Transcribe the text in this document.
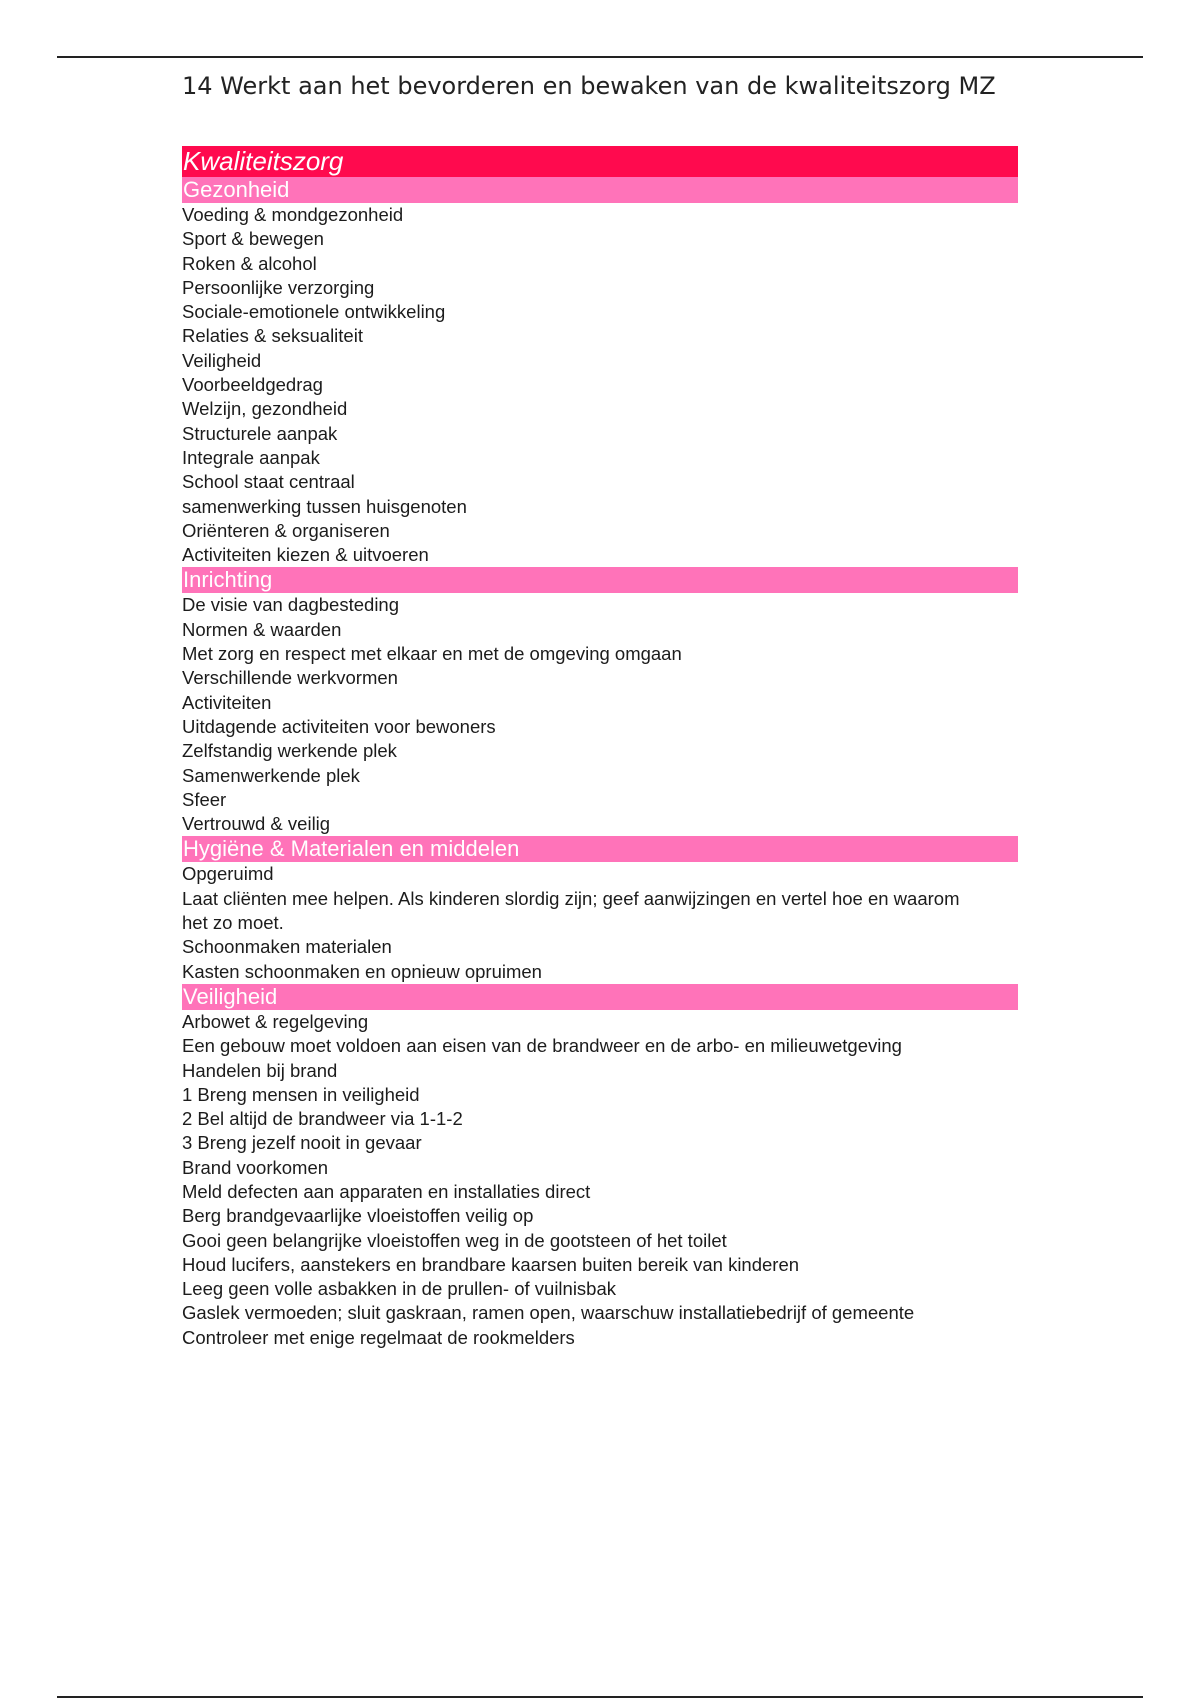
14 Werkt aan het bevorderen en bewaken van de kwaliteitszorg MZ
Kwaliteitszorg
Gezonheid
Voeding & mondgezonheid
Sport & bewegen
Roken & alcohol
Persoonlijke verzorging
Sociale-emotionele ontwikkeling
Relaties & seksualiteit
Veiligheid
Voorbeeldgedrag
Welzijn, gezondheid
Structurele aanpak
Integrale aanpak
School staat centraal
samenwerking tussen huisgenoten
Oriënteren & organiseren
Activiteiten kiezen & uitvoeren
Inrichting
De visie van dagbesteding
Normen & waarden
Met zorg en respect met elkaar en met de omgeving omgaan
Verschillende werkvormen
Activiteiten
Uitdagende activiteiten voor bewoners
Zelfstandig werkende plek
Samenwerkende plek
Sfeer
Vertrouwd & veilig
Hygiëne & Materialen en middelen
Opgeruimd
Laat cliënten mee helpen. Als kinderen slordig zijn; geef aanwijzingen en vertel hoe en waarom het zo moet.
Schoonmaken materialen
Kasten schoonmaken en opnieuw opruimen
Veiligheid
Arbowet & regelgeving
Een gebouw moet voldoen aan eisen van de brandweer en de arbo- en milieuwetgeving
Handelen bij brand
1 Breng mensen in veiligheid
2 Bel altijd de brandweer via 1-1-2
3 Breng jezelf nooit in gevaar
Brand voorkomen
Meld defecten aan apparaten en installaties direct
Berg brandgevaarlijke vloeistoffen veilig op
Gooi geen belangrijke vloeistoffen weg in de gootsteen of het toilet
Houd lucifers, aanstekers en brandbare kaarsen buiten bereik van kinderen
Leeg geen volle asbakken in de prullen- of vuilnisbak
Gaslek vermoeden; sluit gaskraan, ramen open, waarschuw installatiebedrijf of gemeente
Controleer met enige regelmaat de rookmelders
